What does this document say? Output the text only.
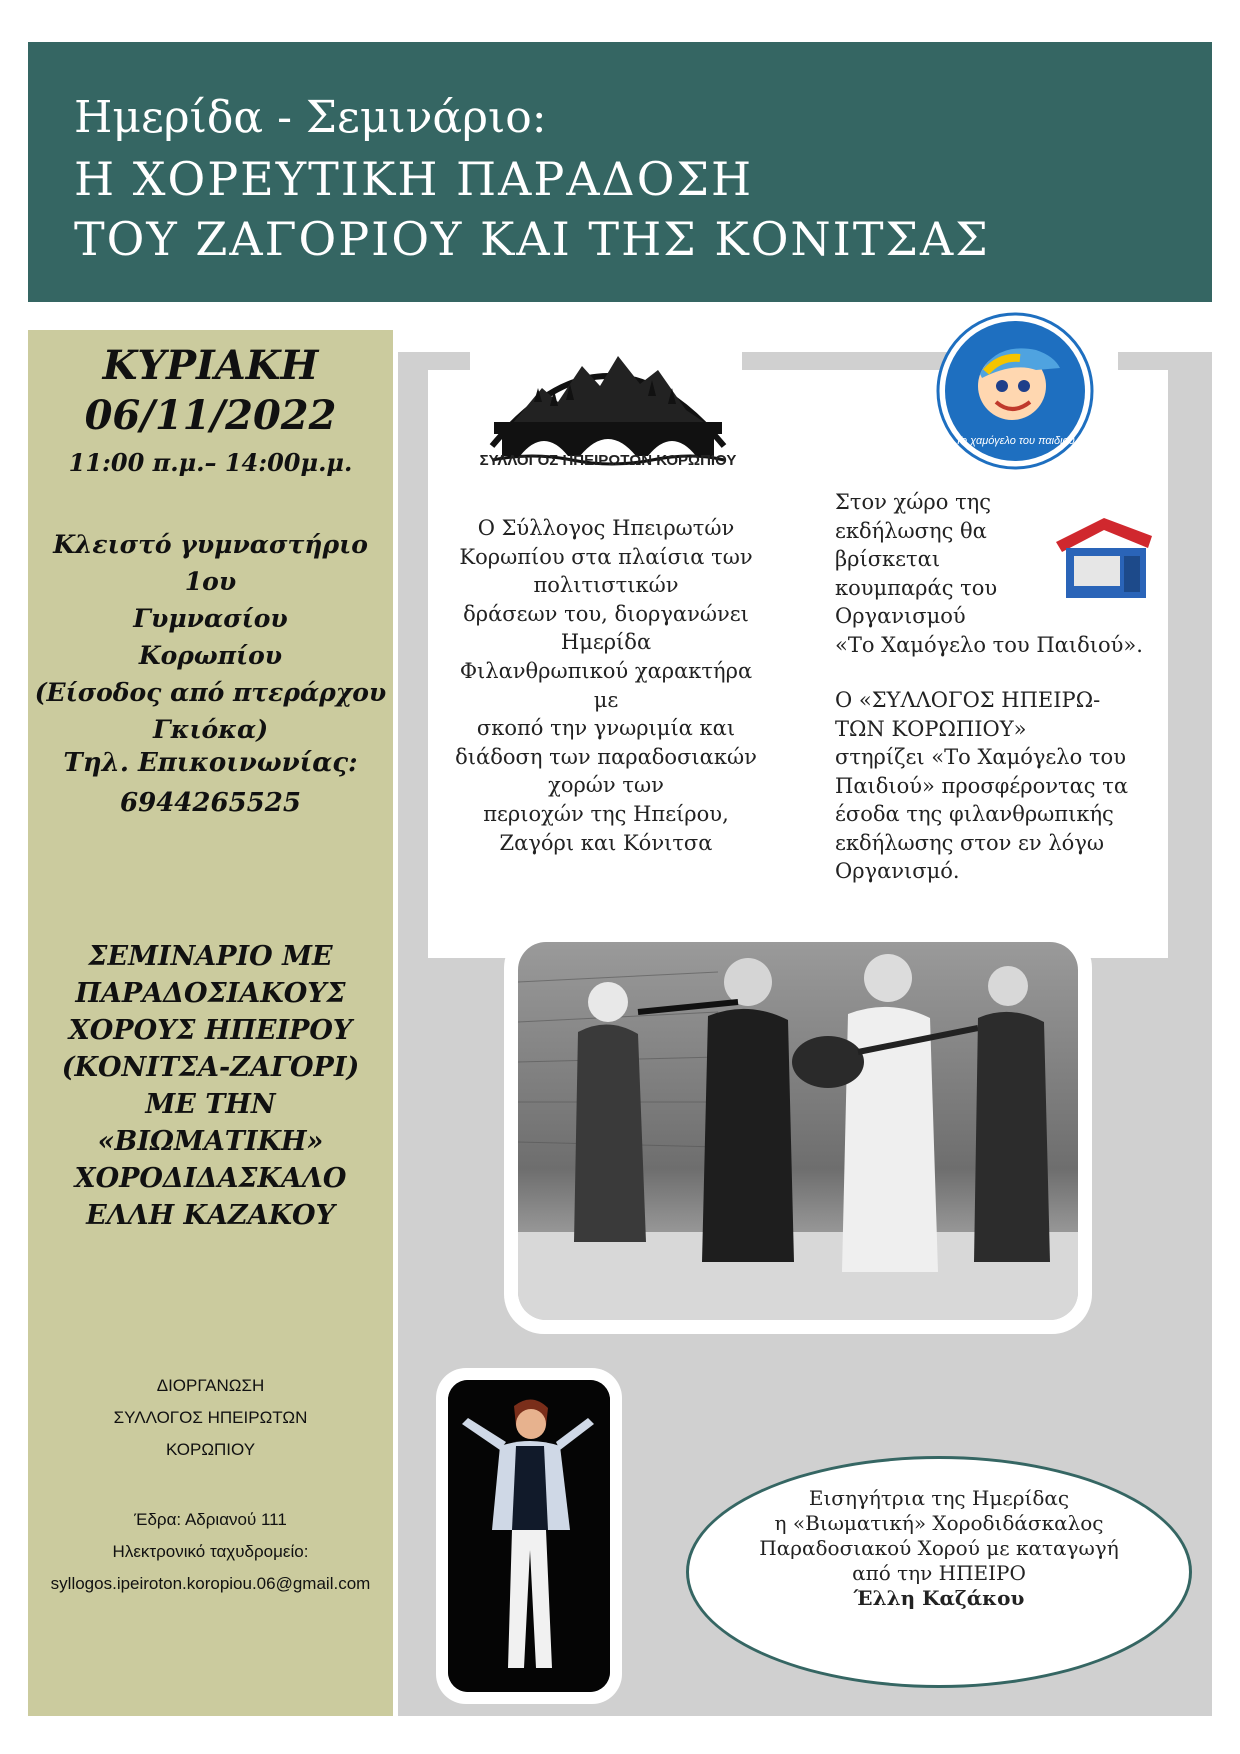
Ημερίδα - Σεμινάριο:
Η ΧΟΡΕΥΤΙΚΗ ΠΑΡΑΔΟΣΗ
ΤΟΥ ΖΑΓΟΡΙΟΥ ΚΑΙ ΤΗΣ ΚΟΝΙΤΣΑΣ
ΚΥΡΙΑΚΗ
06/11/2022
11:00 π.μ.– 14:00μ.μ.
Κλειστό γυμναστήριο 1ου
Γυμνασίου
Κορωπίου
(Είσοδος από πτεράρχου
Γκιόκα)
Τηλ. Επικοινωνίας:
6944265525
ΣΕΜΙΝΑΡΙΟ ΜΕ
ΠΑΡΑΔΟΣΙΑΚΟΥΣ
ΧΟΡΟΥΣ ΗΠΕΙΡΟΥ
(ΚΟΝΙΤΣΑ-ΖΑΓΟΡΙ)
ΜΕ ΤΗΝ
«ΒΙΩΜΑΤΙΚΗ»
ΧΟΡΟΔΙΔΑΣΚΑΛΟ
ΕΛΛΗ ΚΑΖΑΚΟΥ
ΔΙΟΡΓΑΝΩΣΗ
ΣΥΛΛΟΓΟΣ ΗΠΕΙΡΩΤΩΝ
ΚΟΡΩΠΙΟΥ
Έδρα: Αδριανού 111
Ηλεκτρονικό ταχυδρομείο:
syllogos.ipeiroton.koropiou.06@gmail.com
ΣΥΛΛΟΓΟΣ ΗΠΕΙΡΩΤΩΝ ΚΟΡΩΠΙΟΥ
Το χαμόγελο του παιδιού
Ο Σύλλογος Ηπειρωτών
Κορωπίου στα πλαίσια των
πολιτιστικών
δράσεων του, διοργανώνει
Ημερίδα
Φιλανθρωπικού χαρακτήρα
με
σκοπό την γνωριμία και
διάδοση των παραδοσιακών
χορών των
περιοχών της Ηπείρου,
Ζαγόρι και Κόνιτσα
Στον χώρο της
εκδήλωσης θα
βρίσκεται
κουμπαράς του
Οργανισμού
«Το Χαμόγελο του Παιδιού».
Ο «ΣΥΛΛΟΓΟΣ ΗΠΕΙΡΩ-
ΤΩΝ ΚΟΡΩΠΙΟΥ»
στηρίζει «Το Χαμόγελο του
Παιδιού» προσφέροντας τα
έσοδα της φιλανθρωπικής
εκδήλωσης στον εν λόγω
Οργανισμό.
Εισηγήτρια της Ημερίδας
η «Βιωματική» Χοροδιδάσκαλος
Παραδοσιακού Χορού με καταγωγή
από την ΗΠΕΙΡΟ
Έλλη Καζάκου
